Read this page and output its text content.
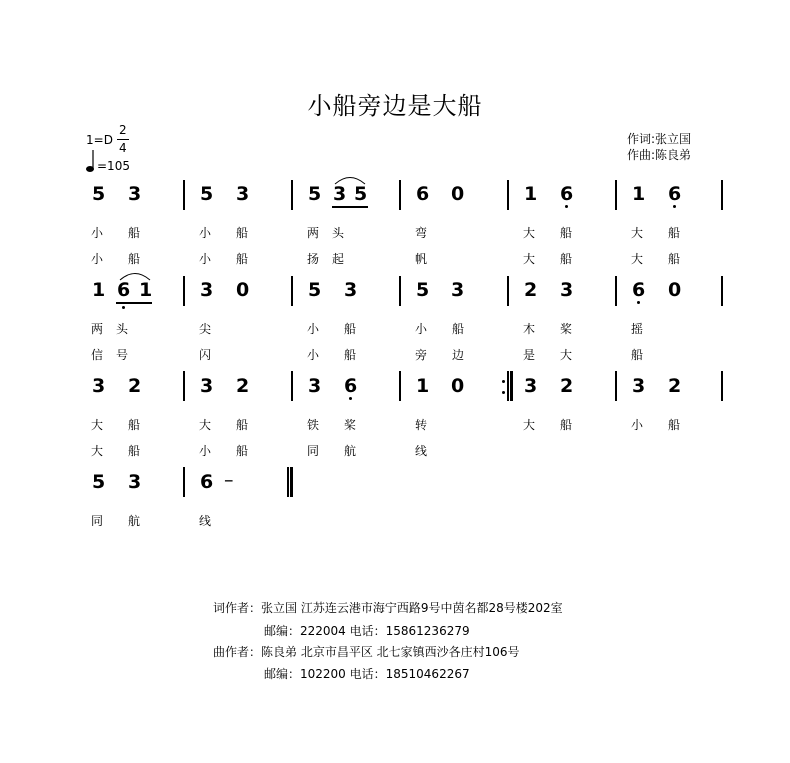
小船旁边是大船
1=D
2
4
=105
作词:张立国
作曲:陈良弟
5 3	5 3	5 3 5	6 0	1 6	1 6
小 船	小 船	两 头	弯	大 船	大 船
小 船	小 船	扬 起	帆	大 船	大 船
1 6 1	3 0	5 3	5 3	2 3	6 0
两 头	尖	小 船	小 船	木 桨	摇
信 号	闪	小 船	旁 边	是 大	船
3 2	3 2	3 6	1 0	3 2	3 2
大 船	大 船	铁 桨	转	大 船	小 船
大 船	小 船	同 航	线
5 3	6 –
同 航	线
词作者：张立国 江苏连云港市海宁西路9号中茵名都28号楼202室
邮编：222004 电话：15861236279
曲作者：陈良弟 北京市昌平区 北七家镇西沙各庄村106号
邮编：102200 电话：18510462267
